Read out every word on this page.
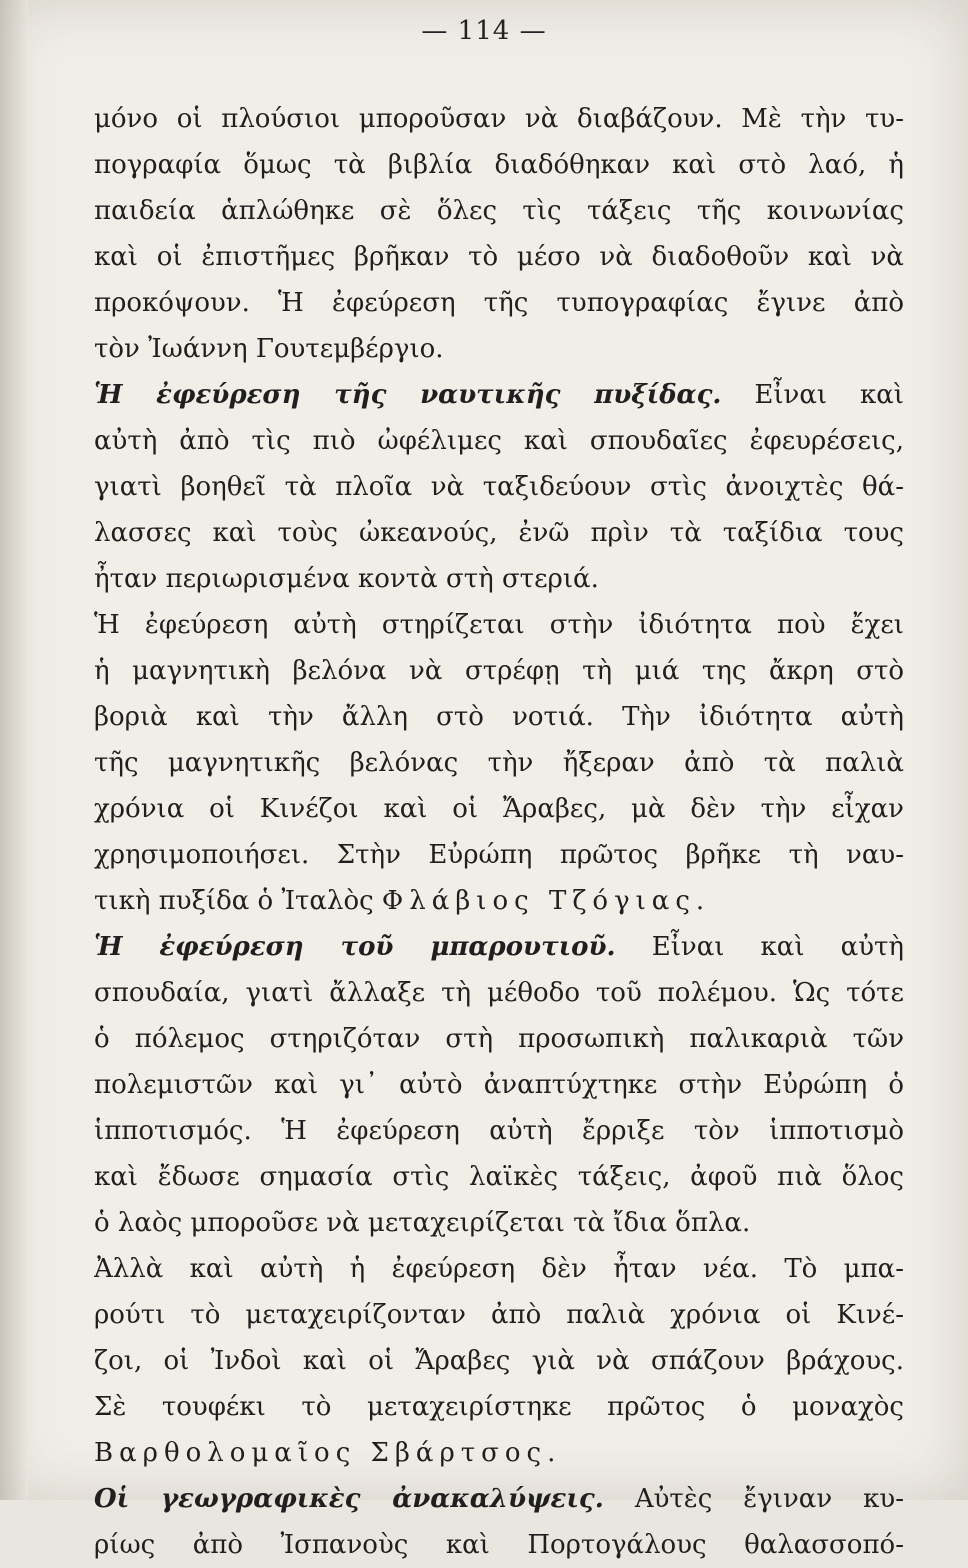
— 114 —
μόνο οἱ πλούσιοι μποροῦσαν νὰ διαβάζουν. Μὲ τὴν τυ-
πογραφία ὅμως τὰ βιβλία διαδόθηκαν καὶ στὸ λαό, ἡ
παιδεία ἁπλώθηκε σὲ ὅλες τὶς τάξεις τῆς κοινωνίας
καὶ οἱ ἐπιστῆμες βρῆκαν τὸ μέσο νὰ διαδοθοῦν καὶ νὰ
προκόψουν. Ἡ ἐφεύρεση τῆς τυπογραφίας ἔγινε ἀπὸ
τὸν Ἰωάννη Γουτεμβέργιο.
Ἡ ἐφεύρεση τῆς ναυτικῆς πυξίδας. Εἶναι καὶ
αὐτὴ ἀπὸ τὶς πιὸ ὠφέλιμες καὶ σπουδαῖες ἐφευρέσεις,
γιατὶ βοηθεῖ τὰ πλοῖα νὰ ταξιδεύουν στὶς ἀνοιχτὲς θά-
λασσες καὶ τοὺς ὠκεανούς, ἐνῶ πρὶν τὰ ταξίδια τους
ἦταν περιωρισμένα κοντὰ στὴ στεριά.
Ἡ ἐφεύρεση αὐτὴ στηρίζεται στὴν ἰδιότητα ποὺ ἔχει
ἡ μαγνητικὴ βελόνα νὰ στρέφῃ τὴ μιά της ἄκρη στὸ
βοριὰ καὶ τὴν ἄλλη στὸ νοτιά. Τὴν ἰδιότητα αὐτὴ
τῆς μαγνητικῆς βελόνας τὴν ἤξεραν ἀπὸ τὰ παλιὰ
χρόνια οἱ Κινέζοι καὶ οἱ Ἄραβες, μὰ δὲν τὴν εἶχαν
χρησιμοποιήσει. Στὴν Εὐρώπη πρῶτος βρῆκε τὴ ναυ-
τικὴ πυξίδα ὁ Ἰταλὸς Φλάβιος Τζόγιας.
Ἡ ἐφεύρεση τοῦ μπαρουτιοῦ. Εἶναι καὶ αὐτὴ
σπουδαία, γιατὶ ἄλλαξε τὴ μέθοδο τοῦ πολέμου. Ὡς τότε
ὁ πόλεμος στηριζόταν στὴ προσωπικὴ παλικαριὰ τῶν
πολεμιστῶν καὶ γι᾽ αὐτὸ ἀναπτύχτηκε στὴν Εὐρώπη ὁ
ἱπποτισμός. Ἡ ἐφεύρεση αὐτὴ ἔρριξε τὸν ἱπποτισμὸ
καὶ ἔδωσε σημασία στὶς λαϊκὲς τάξεις, ἀφοῦ πιὰ ὅλος
ὁ λαὸς μποροῦσε νὰ μεταχειρίζεται τὰ ἴδια ὅπλα.
Ἀλλὰ καὶ αὐτὴ ἡ ἐφεύρεση δὲν ἦταν νέα. Τὸ μπα-
ρούτι τὸ μεταχειρίζονταν ἀπὸ παλιὰ χρόνια οἱ Κινέ-
ζοι, οἱ Ἰνδοὶ καὶ οἱ Ἄραβες γιὰ νὰ σπάζουν βράχους.
Σὲ τουφέκι τὸ μεταχειρίστηκε πρῶτος ὁ μοναχὸς
Βαρθολομαῖος Σβάρτσος.
Οἱ γεωγραφικὲς ἀνακαλύψεις. Αὐτὲς ἔγιναν κυ-
ρίως ἀπὸ Ἰσπανοὺς καὶ Πορτογάλους θαλασσοπό-
